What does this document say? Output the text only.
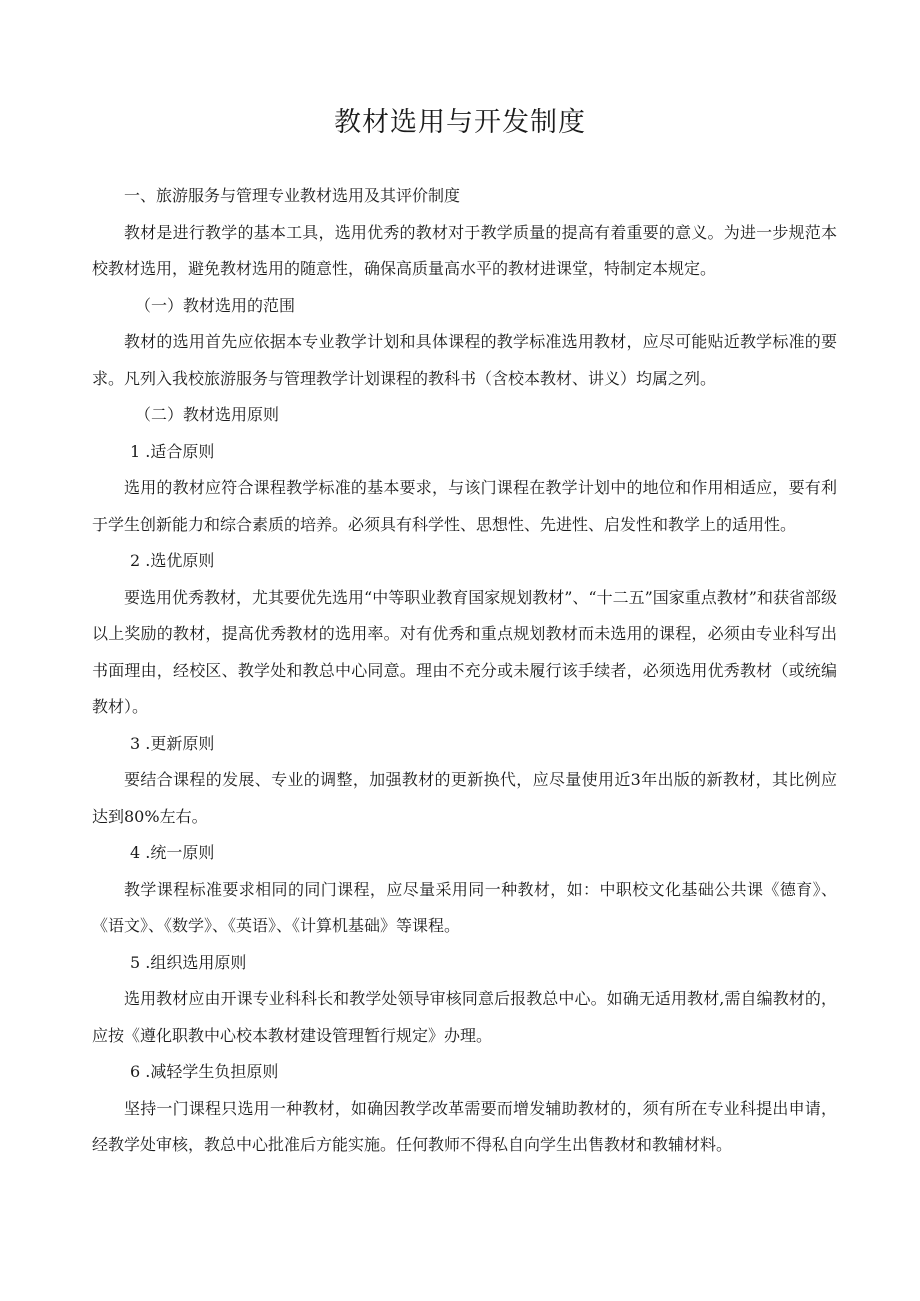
教材选用与开发制度
一、旅游服务与管理专业教材选用及其评价制度
教材是进行教学的基本工具，选用优秀的教材对于教学质量的提高有着重要的意义。为进一步规范本校教材选用，避免教材选用的随意性，确保高质量高水平的教材进课堂，特制定本规定。
（一）教材选用的范围
教材的选用首先应依据本专业教学计划和具体课程的教学标准选用教材，应尽可能贴近教学标准的要求。凡列入我校旅游服务与管理教学计划课程的教科书（含校本教材、讲义）均属之列。
（二）教材选用原则
1 .适合原则
选用的教材应符合课程教学标准的基本要求，与该门课程在教学计划中的地位和作用相适应，要有利于学生创新能力和综合素质的培养。必须具有科学性、思想性、先进性、启发性和教学上的适用性。
2 .选优原则
要选用优秀教材，尤其要优先选用“中等职业教育国家规划教材”、“十二五”国家重点教材”和获省部级以上奖励的教材，提高优秀教材的选用率。对有优秀和重点规划教材而未选用的课程，必须由专业科写出书面理由，经校区、教学处和教总中心同意。理由不充分或未履行该手续者，必须选用优秀教材（或统编教材）。
3 .更新原则
要结合课程的发展、专业的调整，加强教材的更新换代，应尽量使用近3年出版的新教材，其比例应达到80%左右。
4 .统一原则
教学课程标准要求相同的同门课程，应尽量采用同一种教材，如：中职校文化基础公共课《德育》、《语文》、《数学》、《英语》、《计算机基础》等课程。
5 .组织选用原则
选用教材应由开课专业科科长和教学处领导审核同意后报教总中心。如确无适用教材,需自编教材的，应按《遵化职教中心校本教材建设管理暂行规定》办理。
6 .减轻学生负担原则
坚持一门课程只选用一种教材，如确因教学改革需要而增发辅助教材的，须有所在专业科提出申请，经教学处审核，教总中心批准后方能实施。任何教师不得私自向学生出售教材和教辅材料。
